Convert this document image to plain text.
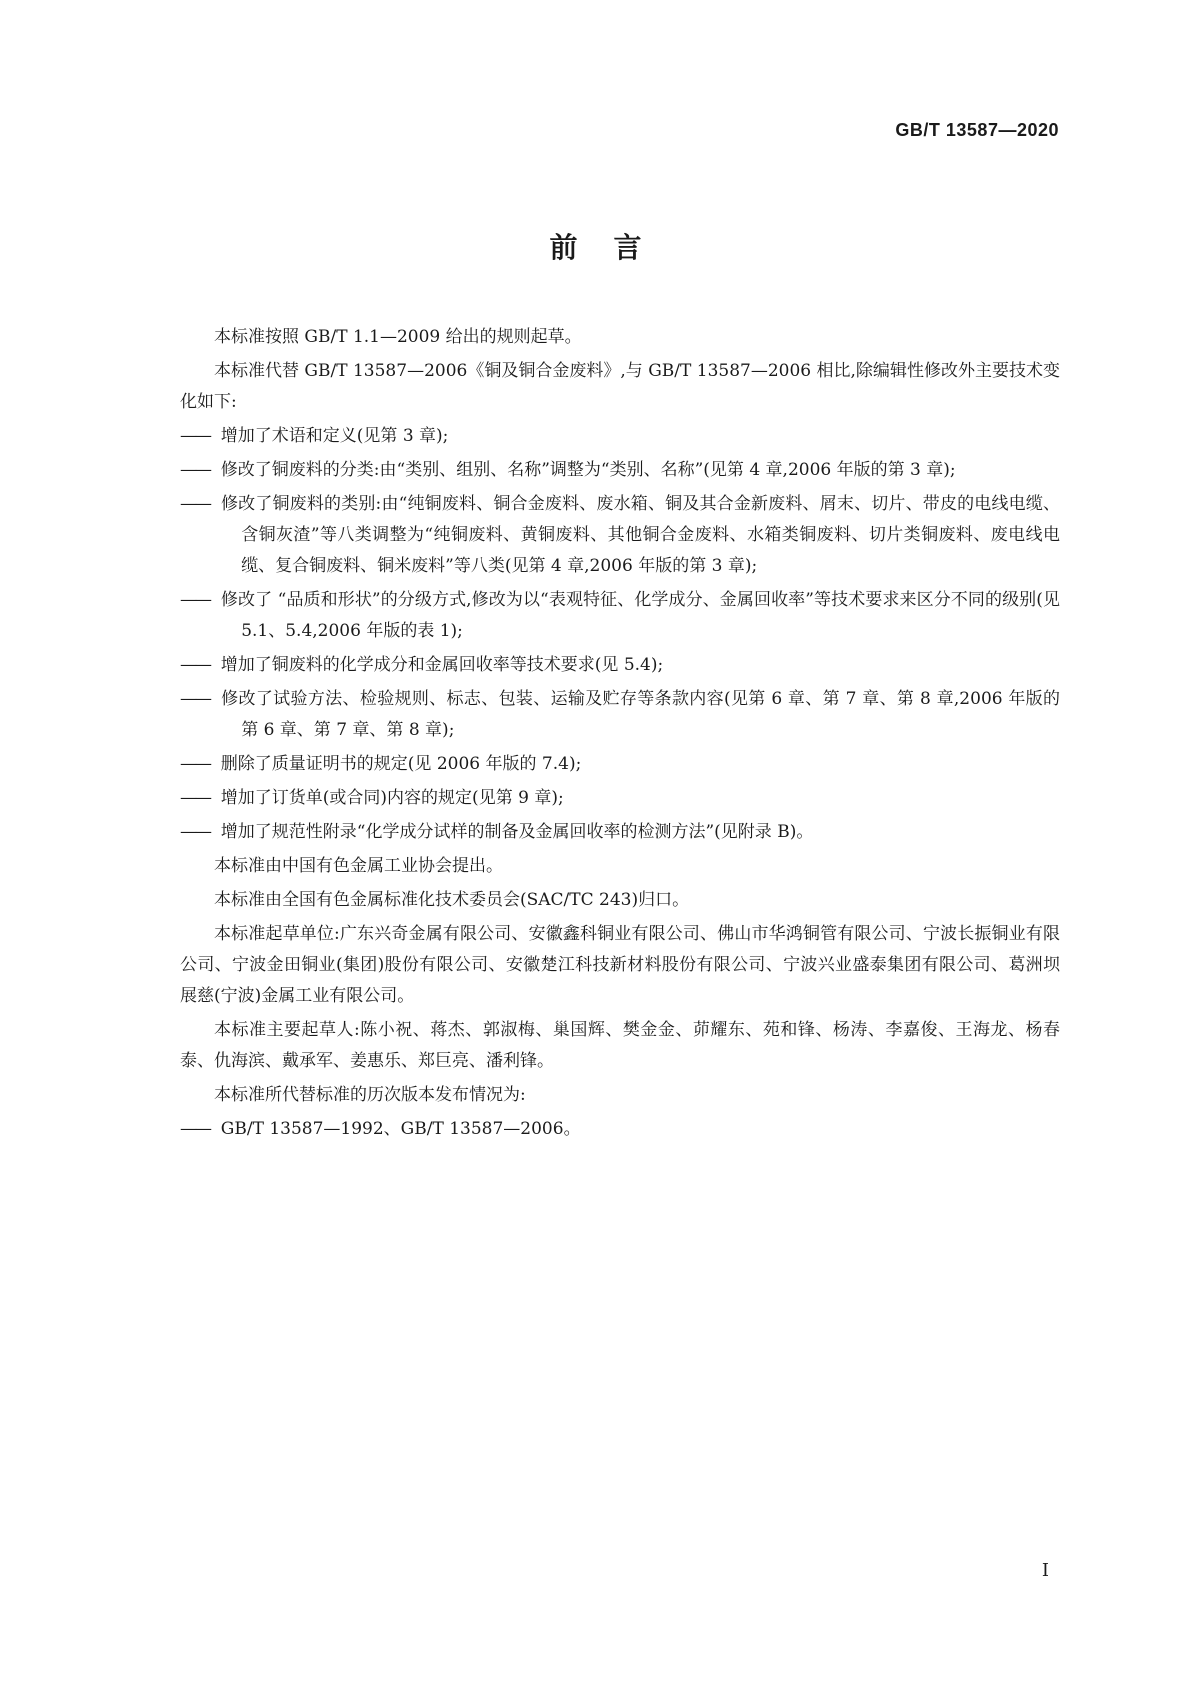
GB/T 13587—2020
前言

本标准按照 GB/T 1.1—2009 给出的规则起草。

本标准代替 GB/T 13587—2006《铜及铜合金废料》,与 GB/T 13587—2006 相比,除编辑性修改外主要技术变化如下:

—— 增加了术语和定义(见第 3 章);

—— 修改了铜废料的分类:由“类别、组别、名称”调整为“类别、名称”(见第 4 章,2006 年版的第 3 章);

—— 修改了铜废料的类别:由“纯铜废料、铜合金废料、废水箱、铜及其合金新废料、屑末、切片、带皮的电线电缆、含铜灰渣”等八类调整为“纯铜废料、黄铜废料、其他铜合金废料、水箱类铜废料、切片类铜废料、废电线电缆、复合铜废料、铜米废料”等八类(见第 4 章,2006 年版的第 3 章);

—— 修改了 “品质和形状”的分级方式,修改为以“表观特征、化学成分、金属回收率”等技术要求来区分不同的级别(见 5.1、5.4,2006 年版的表 1);

—— 增加了铜废料的化学成分和金属回收率等技术要求(见 5.4);

—— 修改了试验方法、检验规则、标志、包装、运输及贮存等条款内容(见第 6 章、第 7 章、第 8 章,2006 年版的第 6 章、第 7 章、第 8 章);

—— 删除了质量证明书的规定(见 2006 年版的 7.4);

—— 增加了订货单(或合同)内容的规定(见第 9 章);

—— 增加了规范性附录“化学成分试样的制备及金属回收率的检测方法”(见附录 B)。

本标准由中国有色金属工业协会提出。

本标准由全国有色金属标准化技术委员会(SAC/TC 243)归口。

本标准起草单位:广东兴奇金属有限公司、安徽鑫科铜业有限公司、佛山市华鸿铜管有限公司、宁波长振铜业有限公司、宁波金田铜业(集团)股份有限公司、安徽楚江科技新材料股份有限公司、宁波兴业盛泰集团有限公司、葛洲坝展慈(宁波)金属工业有限公司。

本标准主要起草人:陈小祝、蒋杰、郭淑梅、巢国辉、樊金金、茆耀东、苑和锋、杨涛、李嘉俊、王海龙、杨春泰、仇海滨、戴承军、姜惠乐、郑巨亮、潘利锋。

本标准所代替标准的历次版本发布情况为:

—— GB/T 13587—1992、GB/T 13587—2006。

I
